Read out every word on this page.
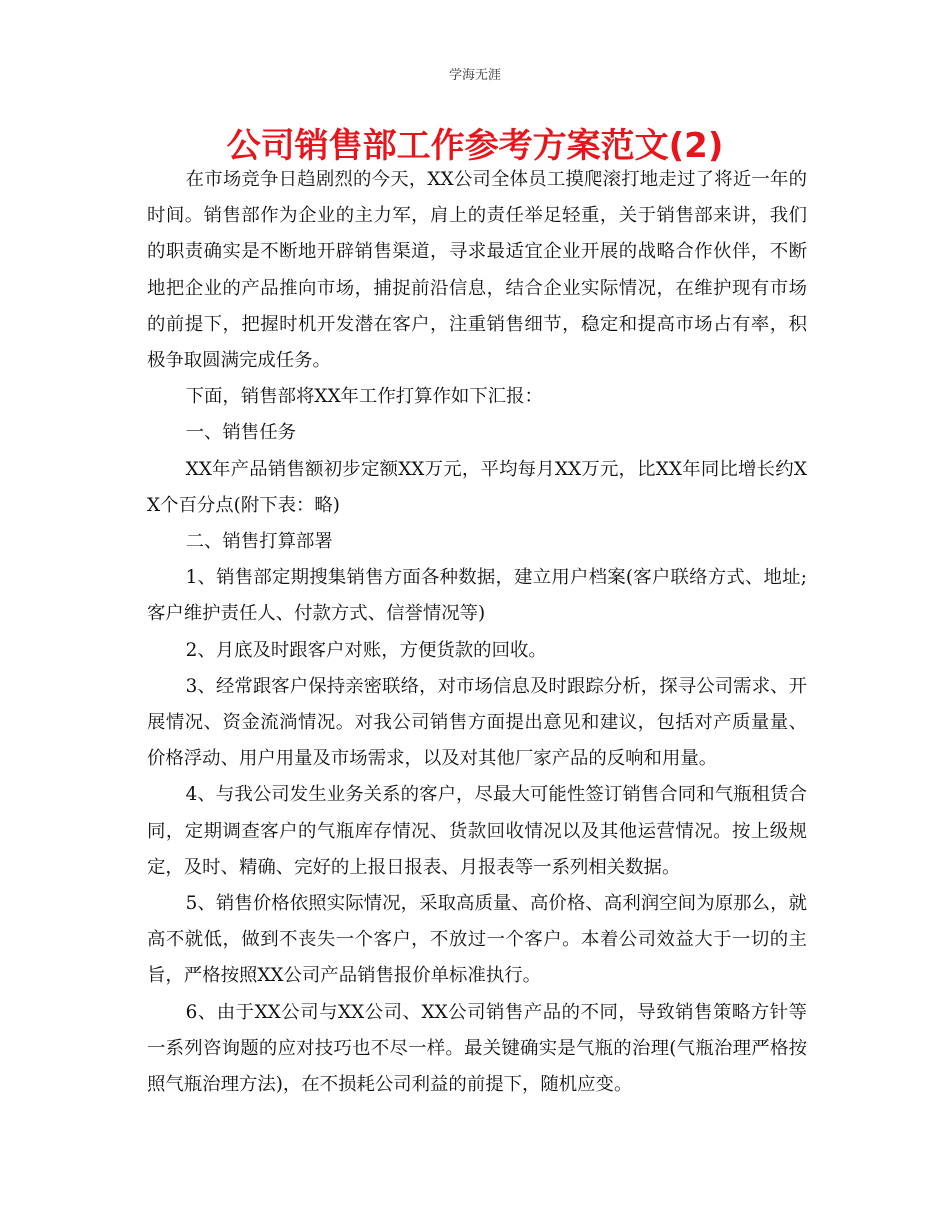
学海无涯
公司销售部工作参考方案范文(2)

在市场竞争日趋剧烈的今天，XX公司全体员工摸爬滚打地走过了将近一年的时间。销售部作为企业的主力军，肩上的责任举足轻重，关于销售部来讲，我们的职责确实是不断地开辟销售渠道，寻求最适宜企业开展的战略合作伙伴，不断地把企业的产品推向市场，捕捉前沿信息，结合企业实际情况，在维护现有市场的前提下，把握时机开发潜在客户，注重销售细节，稳定和提高市场占有率，积极争取圆满完成任务。

下面，销售部将XX年工作打算作如下汇报：

一、销售任务

XX年产品销售额初步定额XX万元，平均每月XX万元，比XX年同比增长约XX个百分点(附下表：略)

二、销售打算部署

1、销售部定期搜集销售方面各种数据，建立用户档案(客户联络方式、地址;客户维护责任人、付款方式、信誉情况等)

2、月底及时跟客户对账，方便货款的回收。

3、经常跟客户保持亲密联络，对市场信息及时跟踪分析，探寻公司需求、开展情况、资金流淌情况。对我公司销售方面提出意见和建议，包括对产质量量、价格浮动、用户用量及市场需求，以及对其他厂家产品的反响和用量。

4、与我公司发生业务关系的客户，尽最大可能性签订销售合同和气瓶租赁合同，定期调查客户的气瓶库存情况、货款回收情况以及其他运营情况。按上级规定，及时、精确、完好的上报日报表、月报表等一系列相关数据。

5、销售价格依照实际情况，采取高质量、高价格、高利润空间为原那么，就高不就低，做到不丧失一个客户，不放过一个客户。本着公司效益大于一切的主旨，严格按照XX公司产品销售报价单标准执行。

6、由于XX公司与XX公司、XX公司销售产品的不同，导致销售策略方针等一系列咨询题的应对技巧也不尽一样。最关键确实是气瓶的治理(气瓶治理严格按照气瓶治理方法)，在不损耗公司利益的前提下，随机应变。
